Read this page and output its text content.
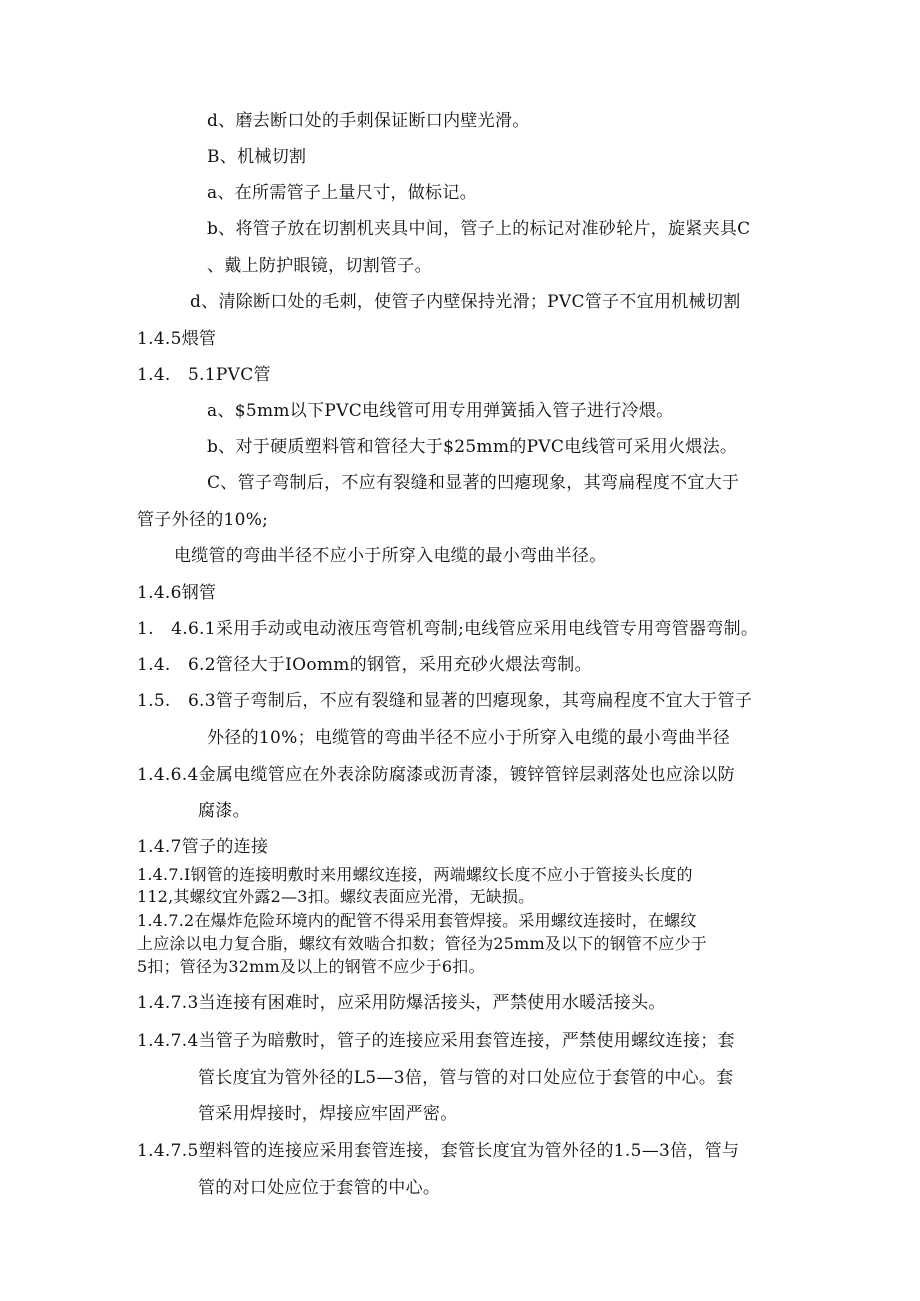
d、磨去断口处的手刺保证断口内壁光滑。
B、机械切割
a、在所需管子上量尺寸，做标记。
b、将管子放在切割机夹具中间，管子上的标记对准砂轮片，旋紧夹具C
、戴上防护眼镜，切割管子。
d、清除断口处的毛刺，使管子内壁保持光滑；PVC管子不宜用机械切割
1.4.5煨管
1.4.　5.1PVC管
a、$5mm以下PVC电线管可用专用弹簧插入管子进行冷煨。
b、对于硬质塑料管和管径大于$25mm的PVC电线管可采用火煨法。
C、管子弯制后，不应有裂缝和显著的凹瘪现象，其弯扁程度不宜大于
管子外径的10%;
电缆管的弯曲半径不应小于所穿入电缆的最小弯曲半径。
1.4.6钢管
1.　4.6.1采用手动或电动液压弯管机弯制;电线管应采用电线管专用弯管器弯制。
1.4.　6.2管径大于IOomm的钢管，采用充砂火煨法弯制。
1.5.　6.3管子弯制后，不应有裂缝和显著的凹瘪现象，其弯扁程度不宜大于管子
外径的10%；电缆管的弯曲半径不应小于所穿入电缆的最小弯曲半径
1.4.6.4金属电缆管应在外表涂防腐漆或沥青漆，镀锌管锌层剥落处也应涂以防
腐漆。
1.4.7管子的连接
1.4.7.I钢管的连接明敷时来用螺纹连接，两端螺纹长度不应小于管接头长度的
112,其螺纹宜外露2—3扣。螺纹表面应光滑，无缺损。
1.4.7.2在爆炸危险环境内的配管不得采用套管焊接。采用螺纹连接时，在螺纹
上应涂以电力复合脂，螺纹有效啮合扣数；管径为25mm及以下的钢管不应少于
5扣；管径为32mm及以上的钢管不应少于6扣。
1.4.7.3当连接有困难时，应采用防爆活接头，严禁使用水暖活接头。
1.4.7.4当管子为暗敷时，管子的连接应采用套管连接，严禁使用螺纹连接；套
管长度宜为管外径的L5—3倍，管与管的对口处应位于套管的中心。套
管采用焊接时，焊接应牢固严密。
1.4.7.5塑料管的连接应采用套管连接，套管长度宜为管外径的1.5—3倍，管与
管的对口处应位于套管的中心。
